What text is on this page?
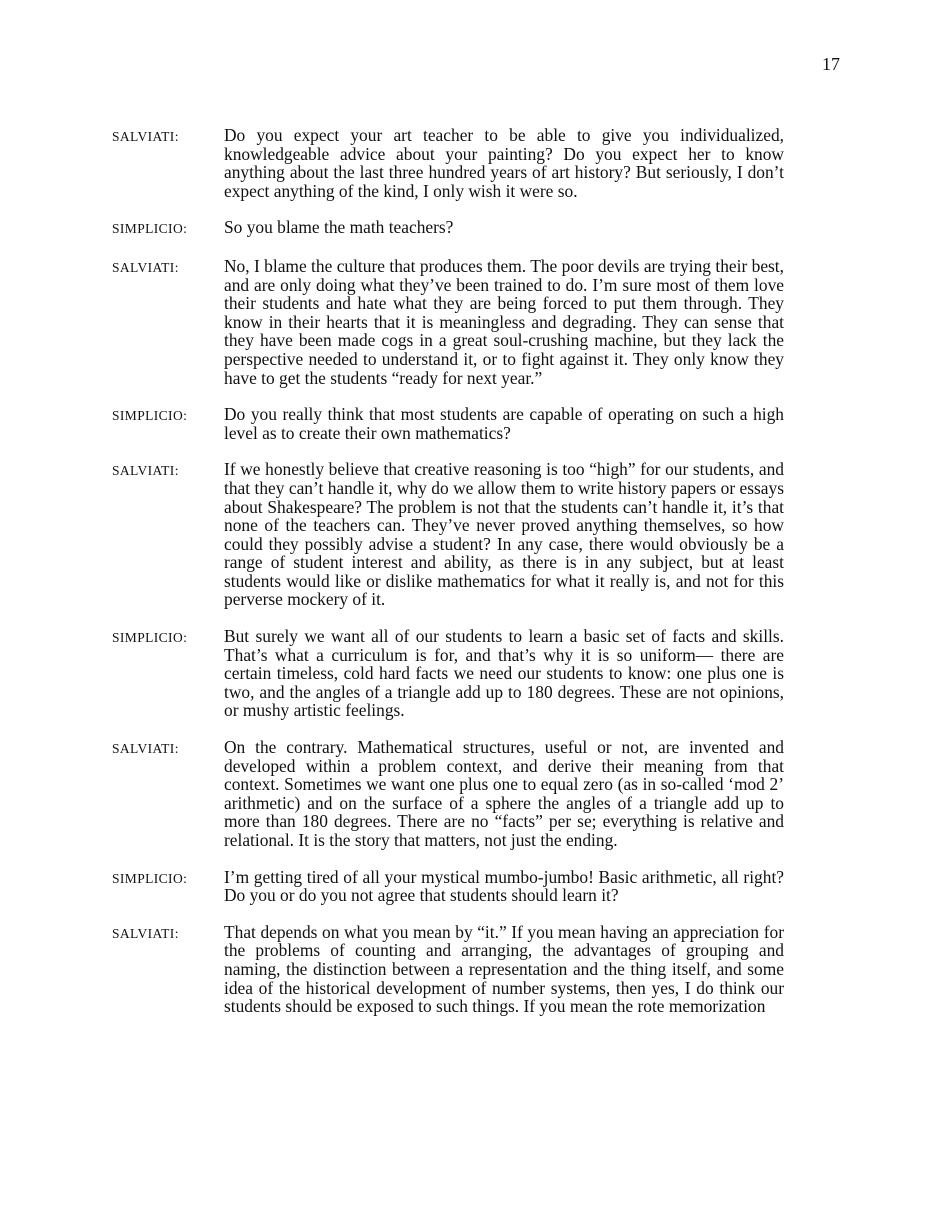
17
SALVIATI:	Do you expect your art teacher to be able to give you individualized, knowledgeable advice about your painting? Do you expect her to know anything about the last three hundred years of art history? But seriously, I don’t expect anything of the kind, I only wish it were so.
SIMPLICIO:	So you blame the math teachers?
SALVIATI:	No, I blame the culture that produces them. The poor devils are trying their best, and are only doing what they’ve been trained to do. I’m sure most of them love their students and hate what they are being forced to put them through. They know in their hearts that it is meaningless and degrading. They can sense that they have been made cogs in a great soul-crushing machine, but they lack the perspective needed to understand it, or to fight against it. They only know they have to get the students “ready for next year.”
SIMPLICIO:	Do you really think that most students are capable of operating on such a high level as to create their own mathematics?
SALVIATI:	If we honestly believe that creative reasoning is too “high” for our students, and that they can’t handle it, why do we allow them to write history papers or essays about Shakespeare? The problem is not that the students can’t handle it, it’s that none of the teachers can. They’ve never proved anything themselves, so how could they possibly advise a student? In any case, there would obviously be a range of student interest and ability, as there is in any subject, but at least students would like or dislike mathematics for what it really is, and not for this perverse mockery of it.
SIMPLICIO:	But surely we want all of our students to learn a basic set of facts and skills. That’s what a curriculum is for, and that’s why it is so uniform— there are certain timeless, cold hard facts we need our students to know: one plus one is two, and the angles of a triangle add up to 180 degrees. These are not opinions, or mushy artistic feelings.
SALVIATI:	On the contrary. Mathematical structures, useful or not, are invented and developed within a problem context, and derive their meaning from that context. Sometimes we want one plus one to equal zero (as in so-called ‘mod 2’ arithmetic) and on the surface of a sphere the angles of a triangle add up to more than 180 degrees. There are no “facts” per se; everything is relative and relational. It is the story that matters, not just the ending.
SIMPLICIO:	I’m getting tired of all your mystical mumbo-jumbo! Basic arithmetic, all right? Do you or do you not agree that students should learn it?
SALVIATI:	That depends on what you mean by “it.” If you mean having an appreciation for the problems of counting and arranging, the advantages of grouping and naming, the distinction between a representation and the thing itself, and some idea of the historical development of number systems, then yes, I do think our students should be exposed to such things. If you mean the rote memorization
